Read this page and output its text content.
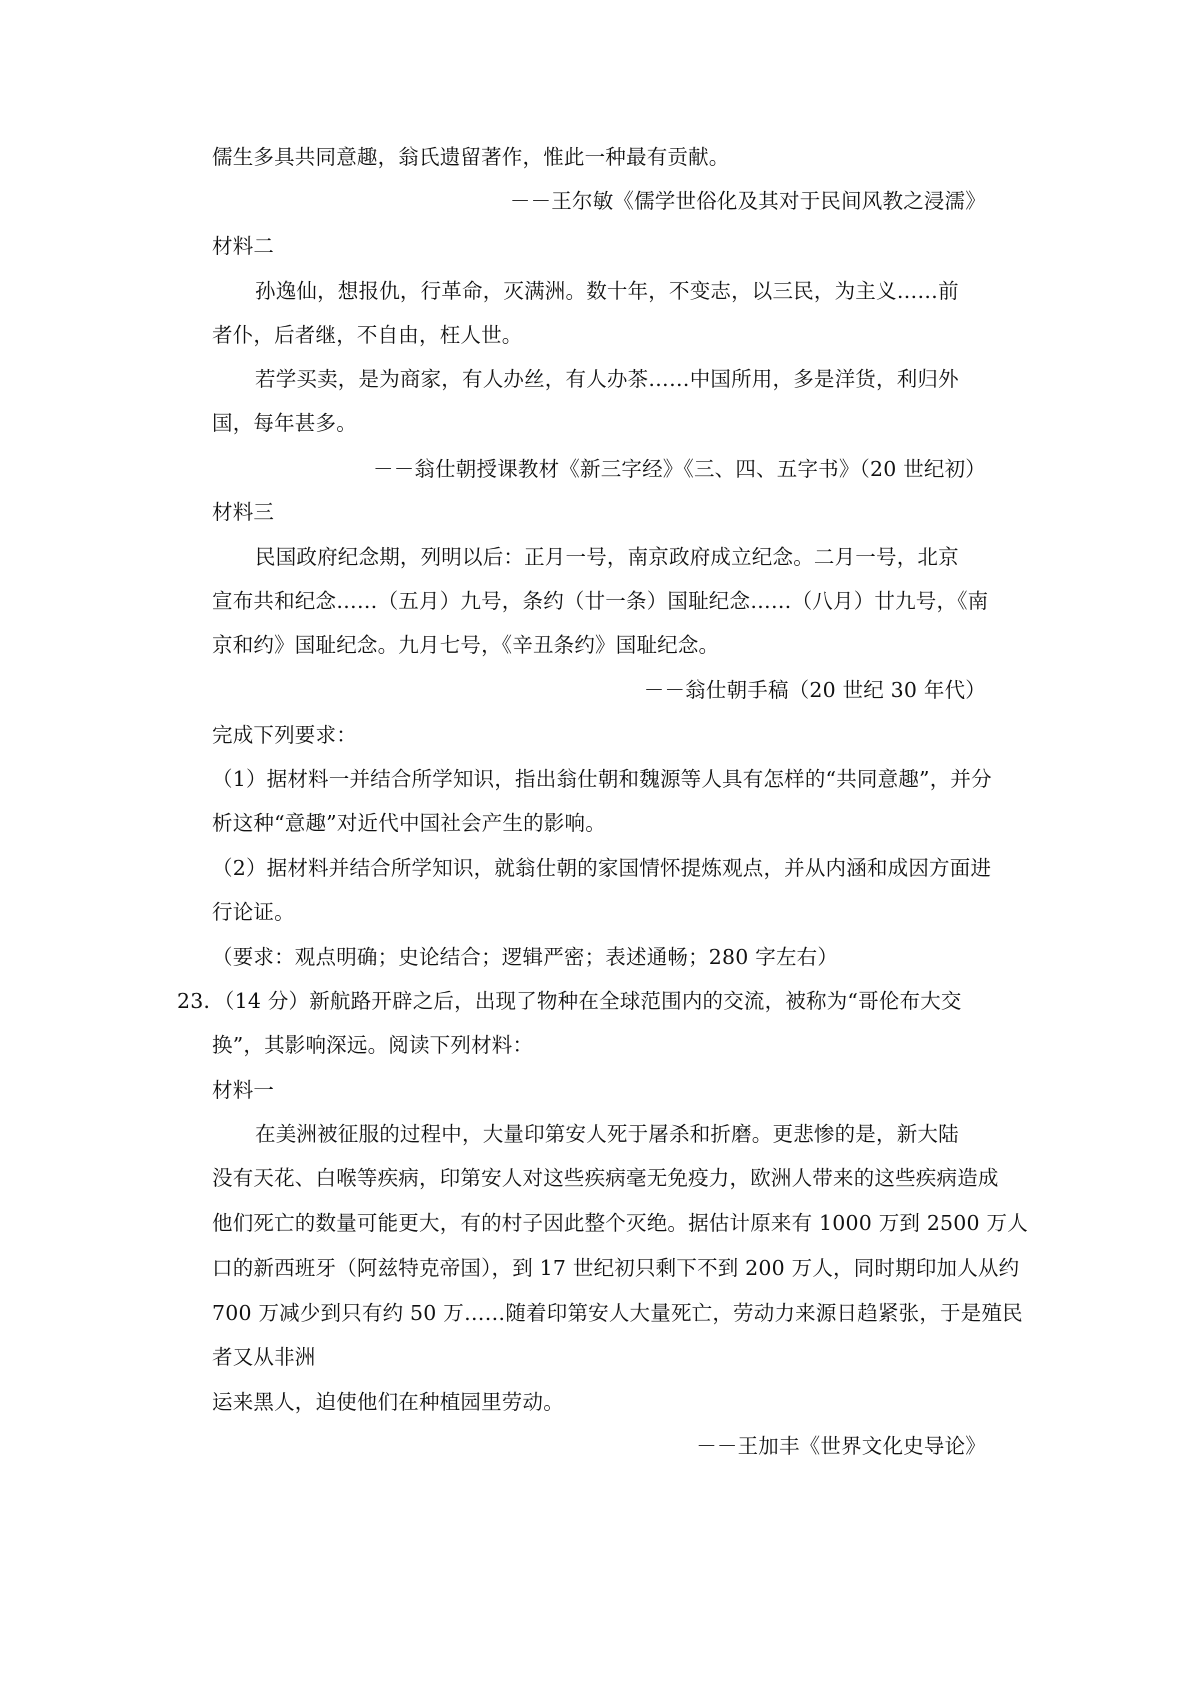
儒生多具共同意趣，翁氏遗留著作，惟此一种最有贡献。
－－王尔敏《儒学世俗化及其对于民间风教之浸濡》
材料二
孙逸仙，想报仇，行革命，灭满洲。数十年，不变志，以三民，为主义……前
者仆，后者继，不自由，枉人世。
若学买卖，是为商家，有人办丝，有人办茶……中国所用，多是洋货，利归外
国，每年甚多。
－－翁仕朝授课教材《新三字经》《三、四、五字书》（20 世纪初）
材料三
民国政府纪念期，列明以后：正月一号，南京政府成立纪念。二月一号，北京
宣布共和纪念……（五月）九号，条约（廿一条）国耻纪念……（八月）廿九号，《南
京和约》国耻纪念。九月七号，《辛丑条约》国耻纪念。
－－翁仕朝手稿（20 世纪 30 年代）
完成下列要求：
（1）据材料一并结合所学知识，指出翁仕朝和魏源等人具有怎样的“共同意趣”，并分
析这种“意趣”对近代中国社会产生的影响。
（2）据材料并结合所学知识，就翁仕朝的家国情怀提炼观点，并从内涵和成因方面进
行论证。
（要求：观点明确；史论结合；逻辑严密；表述通畅；280 字左右）
23．（14 分）新航路开辟之后，出现了物种在全球范围内的交流，被称为“哥伦布大交
换”，其影响深远。阅读下列材料：
材料一
在美洲被征服的过程中，大量印第安人死于屠杀和折磨。更悲惨的是，新大陆
没有天花、白喉等疾病，印第安人对这些疾病毫无免疫力，欧洲人带来的这些疾病造成
他们死亡的数量可能更大，有的村子因此整个灭绝。据估计原来有 1000 万到 2500 万人
口的新西班牙（阿兹特克帝国），到 17 世纪初只剩下不到 200 万人，同时期印加人从约
700 万减少到只有约 50 万……随着印第安人大量死亡，劳动力来源日趋紧张，于是殖民
者又从非洲
运来黑人，迫使他们在种植园里劳动。
－－王加丰《世界文化史导论》
